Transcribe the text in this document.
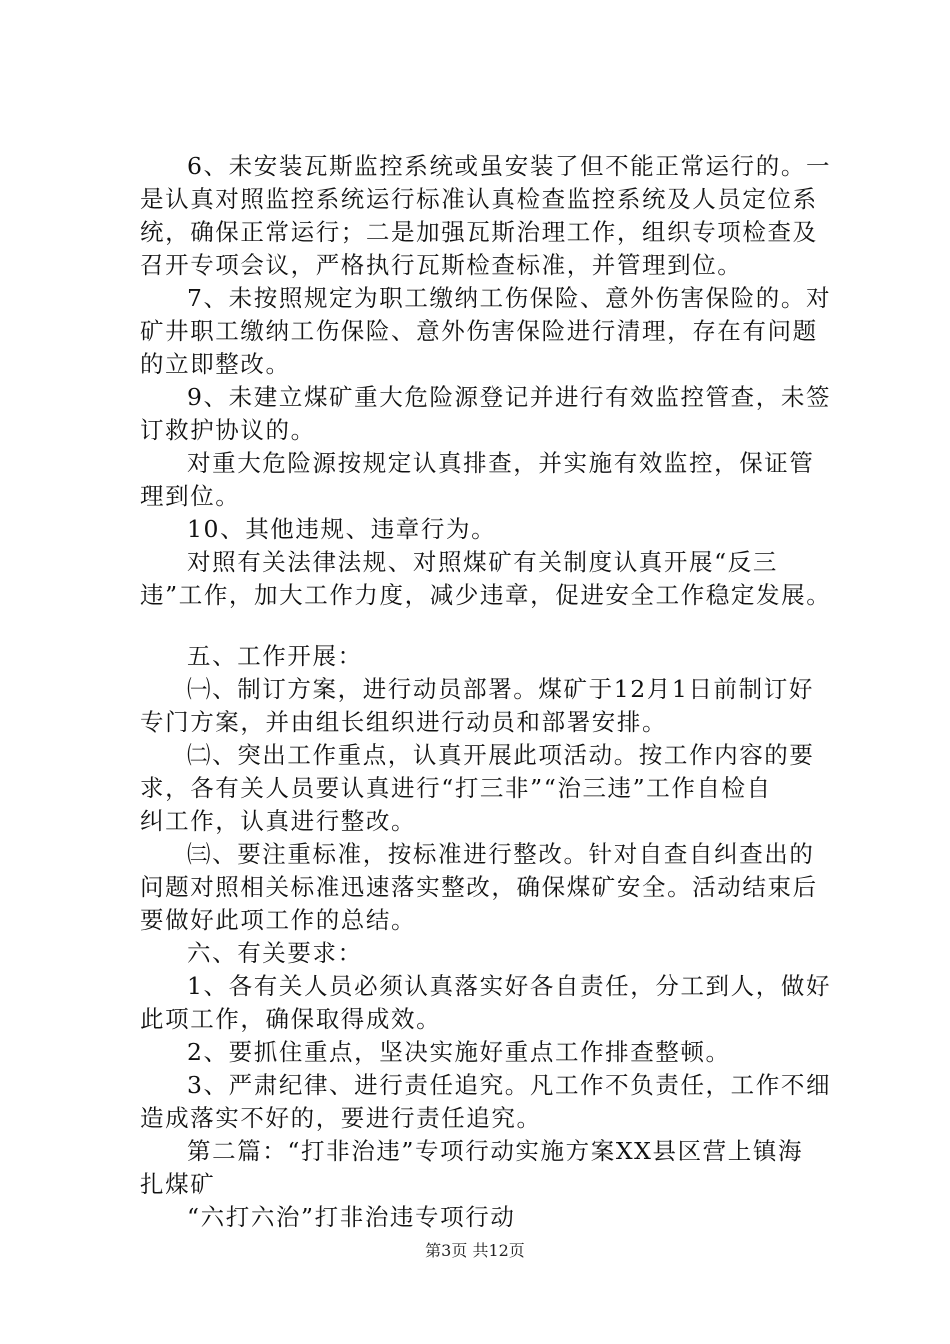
6、未安装瓦斯监控系统或虽安装了但不能正常运行的。一
是认真对照监控系统运行标准认真检查监控系统及人员定位系
统，确保正常运行；二是加强瓦斯治理工作，组织专项检查及
召开专项会议，严格执行瓦斯检查标准，并管理到位。
7、未按照规定为职工缴纳工伤保险、意外伤害保险的。对
矿井职工缴纳工伤保险、意外伤害保险进行清理，存在有问题
的立即整改。
9、未建立煤矿重大危险源登记并进行有效监控管查，未签
订救护协议的。
对重大危险源按规定认真排查，并实施有效监控，保证管
理到位。
10、其他违规、违章行为。
对照有关法律法规、对照煤矿有关制度认真开展“反三
违”工作，加大工作力度，减少违章，促进安全工作稳定发展。
五、工作开展：
㈠、制订方案，进行动员部署。煤矿于12月1日前制订好
专门方案，并由组长组织进行动员和部署安排。
㈡、突出工作重点，认真开展此项活动。按工作内容的要
求，各有关人员要认真进行“打三非”“治三违”工作自检自
纠工作，认真进行整改。
㈢、要注重标准，按标准进行整改。针对自查自纠查出的
问题对照相关标准迅速落实整改，确保煤矿安全。活动结束后
要做好此项工作的总结。
六、有关要求：
1、各有关人员必须认真落实好各自责任，分工到人，做好
此项工作，确保取得成效。
2、要抓住重点，坚决实施好重点工作排查整顿。
3、严肃纪律、进行责任追究。凡工作不负责任，工作不细
造成落实不好的，要进行责任追究。
第二篇：“打非治违”专项行动实施方案XX县区营上镇海
扎煤矿
“六打六治”打非治违专项行动
第3页 共12页
